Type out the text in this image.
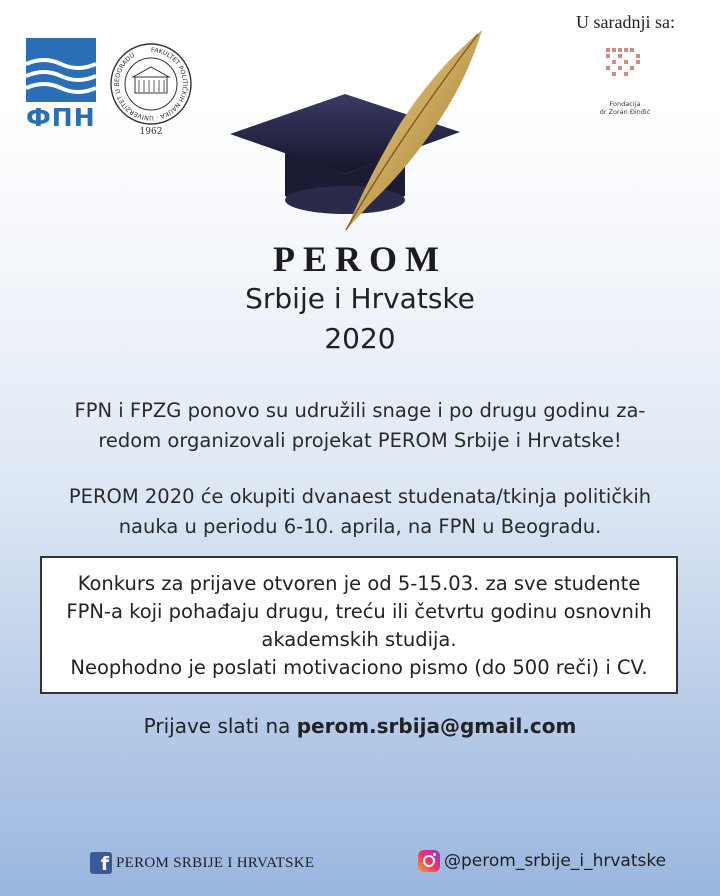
ФПН
FAKULTET POLITIČKIH NAUKA · UNIVERZITET U BEOGRADU
1962
U saradnji sa:
Fondacija
dr Zoran Đinđić
PEROM
Srbije i Hrvatske
2020
FPN i FPZG ponovo su udružili snage i po drugu godinu za-
redom organizovali projekat PEROM Srbije i Hrvatske!
PEROM 2020 će okupiti dvanaest studenata/tkinja političkih
nauka u periodu 6-10. aprila, na FPN u Beogradu.
Konkurs za prijave otvoren je od 5-15.03. za sve studente
FPN-a koji pohađaju drugu, treću ili četvrtu godinu osnovnih
akademskih studija.
Neophodno je poslati motivaciono pismo (do 500 reči) i CV.
Prijave slati na perom.srbija@gmail.com
f PEROM SRBIJE I HRVATSKE	@perom_srbije_i_hrvatske
